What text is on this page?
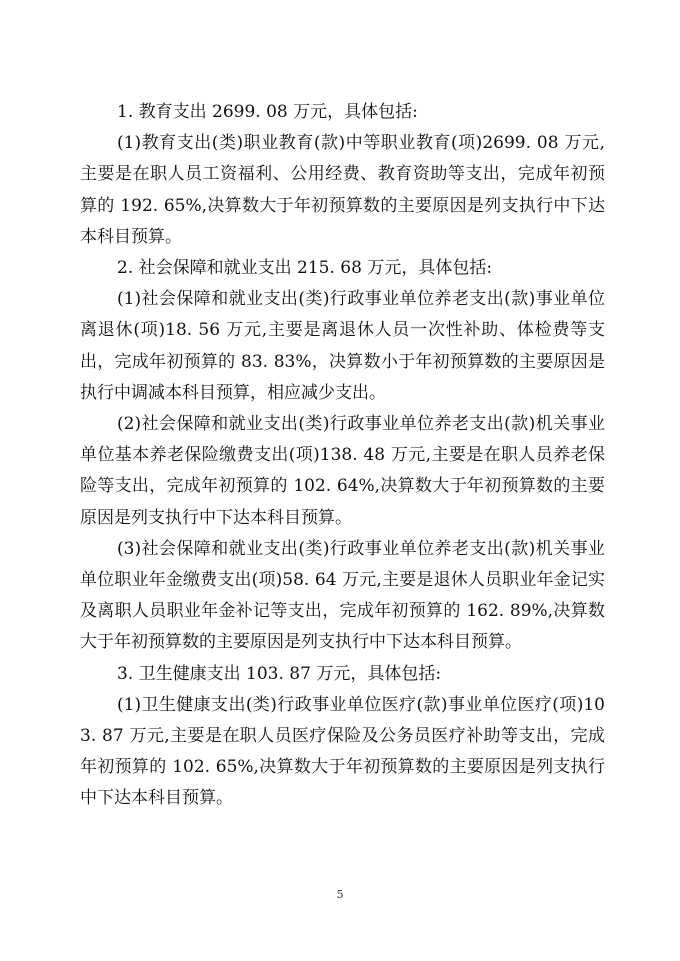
1. 教育支出 2699. 08 万元，具体包括:

(1)教育支出(类)职业教育(款)中等职业教育(项)2699. 08 万元,主要是在职人员工资福利、公用经费、教育资助等支出，完成年初预算的 192. 65%,决算数大于年初预算数的主要原因是列支执行中下达本科目预算。

2. 社会保障和就业支出 215. 68 万元，具体包括:

(1)社会保障和就业支出(类)行政事业单位养老支出(款)事业单位离退休(项)18. 56 万元,主要是离退休人员一次性补助、体检费等支出，完成年初预算的 83. 83%，决算数小于年初预算数的主要原因是执行中调减本科目预算，相应减少支出。

(2)社会保障和就业支出(类)行政事业单位养老支出(款)机关事业单位基本养老保险缴费支出(项)138. 48 万元,主要是在职人员养老保险等支出，完成年初预算的 102. 64%,决算数大于年初预算数的主要原因是列支执行中下达本科目预算。

(3)社会保障和就业支出(类)行政事业单位养老支出(款)机关事业单位职业年金缴费支出(项)58. 64 万元,主要是退休人员职业年金记实及离职人员职业年金补记等支出，完成年初预算的 162. 89%,决算数大于年初预算数的主要原因是列支执行中下达本科目预算。

3. 卫生健康支出 103. 87 万元，具体包括:

(1)卫生健康支出(类)行政事业单位医疗(款)事业单位医疗(项)103. 87 万元,主要是在职人员医疗保险及公务员医疗补助等支出，完成年初预算的 102. 65%,决算数大于年初预算数的主要原因是列支执行中下达本科目预算。

5
